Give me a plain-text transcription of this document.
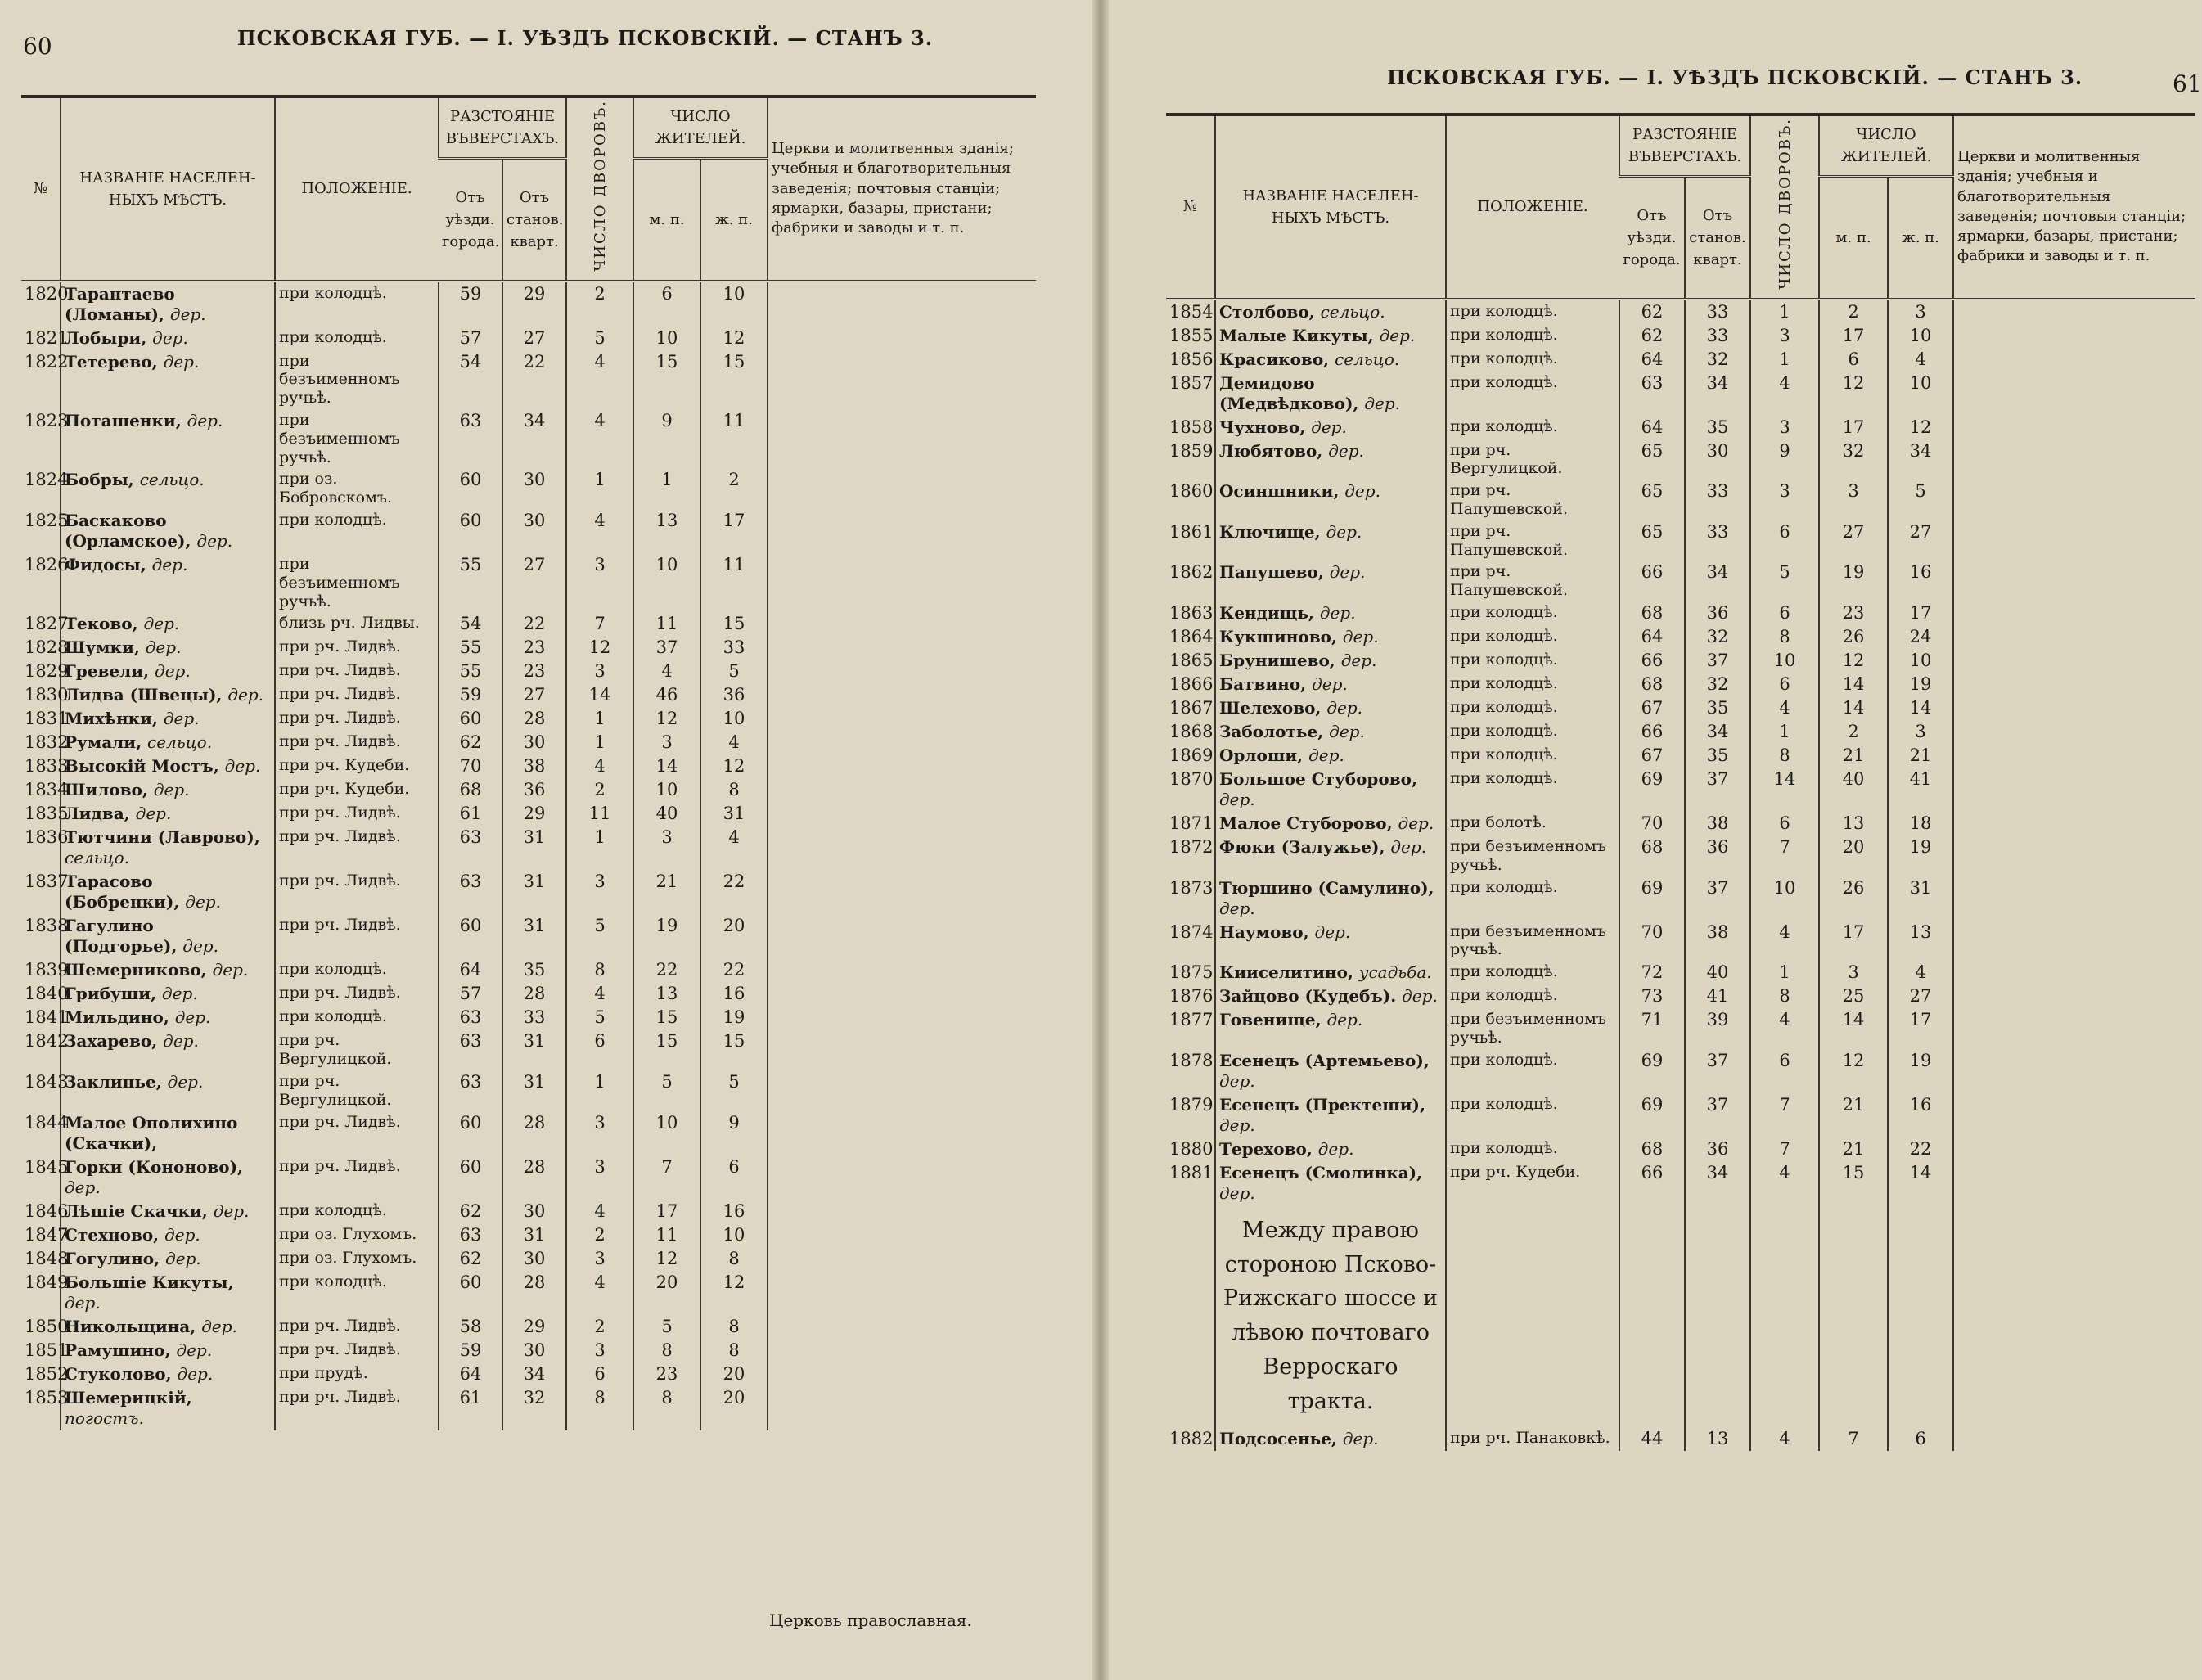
60	ПСКОВСКАЯ ГУБ. — І. УѢЗДЪ ПСКОВСКІЙ. — СТАНЪ 3.
№	НАЗВАНІЕ НАСЕЛЕН-НЫХЪ МѢСТЪ.	ПОЛОЖЕНІЕ.	РАЗСТОЯНІЕ ВЪВЕРСТАХЪ.		ЧИСЛО ДВОРОВЪ.	ЧИСЛО ЖИТЕЛЕЙ.		Церкви и молитвенныя зданія; учебныя и благотворительныя заведенія; почтовыя станціи; ярмарки, базары, пристани; фабрики и заводы и т. п.
			Отъ уѣзди. города.	Отъ станов. кварт.		м. п.	ж. п.	
1820	Тарантаево (Ломаны), дер.	при колодцѣ.	59	29	2	6	10	
1821	Лобыри, дер.	при колодцѣ.	57	27	5	10	12	
1822	Тетерево, дер.	при безъименномъ ручьѣ.	54	22	4	15	15	
1823	Поташенки, дер.	при безъименномъ ручьѣ.	63	34	4	9	11	
1824	Бобры, сельцо.	при оз. Бобровскомъ.	60	30	1	1	2	
1825	Баскаково (Орламское), дер.	при колодцѣ.	60	30	4	13	17	
1826	Фидосы, дер.	при безъименномъ ручьѣ.	55	27	3	10	11	
1827	Теково, дер.	близь рч. Лидвы.	54	22	7	11	15	
1828	Шумки, дер.	при рч. Лидвѣ.	55	23	12	37	33	
1829	Гревели, дер.	при рч. Лидвѣ.	55	23	3	4	5	
1830	Лидва (Швецы), дер.	при рч. Лидвѣ.	59	27	14	46	36	
1831	Михѣнки, дер.	при рч. Лидвѣ.	60	28	1	12	10	
1832	Румали, сельцо.	при рч. Лидвѣ.	62	30	1	3	4	
1833	Высокій Мостъ, дер.	при рч. Кудеби.	70	38	4	14	12	
1834	Шилово, дер.	при рч. Кудеби.	68	36	2	10	8	
1835	Лидва, дер.	при рч. Лидвѣ.	61	29	11	40	31	
1836	Тютчини (Лаврово), сельцо.	при рч. Лидвѣ.	63	31	1	3	4	
1837	Тарасово (Бобренки), дер.	при рч. Лидвѣ.	63	31	3	21	22	
1838	Гагулино (Подгорье), дер.	при рч. Лидвѣ.	60	31	5	19	20	
1839	Шемерниково, дер.	при колодцѣ.	64	35	8	22	22	
1840	Грибуши, дер.	при рч. Лидвѣ.	57	28	4	13	16	
1841	Мильдино, дер.	при колодцѣ.	63	33	5	15	19	
1842	Захарево, дер.	при рч. Вергулицкой.	63	31	6	15	15	
1843	Заклинье, дер.	при рч. Вергулицкой.	63	31	1	5	5	
1844	Малое Ополихино (Скачки),	при рч. Лидвѣ.	60	28	3	10	9	
1845	Горки (Кононово), дер.	при рч. Лидвѣ.	60	28	3	7	6	
1846	Лѣшіе Скачки, дер.	при колодцѣ.	62	30	4	17	16	
1847	Стехново, дер.	при оз. Глухомъ.	63	31	2	11	10	
1848	Гогулино, дер.	при оз. Глухомъ.	62	30	3	12	8	
1849	Большіе Кикуты, дер.	при колодцѣ.	60	28	4	20	12	
1850	Никольщина, дер.	при рч. Лидвѣ.	58	29	2	5	8	
1851	Рамушино, дер.	при рч. Лидвѣ.	59	30	3	8	8	
1852	Стуколово, дер.	при прудѣ.	64	34	6	23	20	
1853	Шемерицкій, погостъ.	при рч. Лидвѣ.	61	32	8	8	20	
Церковь православная.
ПСКОВСКАЯ ГУБ. — І. УѢЗДЪ ПСКОВСКІЙ. — СТАНЪ 3.	61
№	НАЗВАНІЕ НАСЕЛЕН-НЫХЪ МѢСТЪ.	ПОЛОЖЕНІЕ.	РАЗСТОЯНІЕ ВЪВЕРСТАХЪ.		ЧИСЛО ДВОРОВЪ.	ЧИСЛО ЖИТЕЛЕЙ.		Церкви и молитвенныя зданія; учебныя и благотворительныя заведенія; почтовыя станціи; ярмарки, базары, пристани; фабрики и заводы и т. п.
			Отъ уѣзди. города.	Отъ станов. кварт.		м. п.	ж. п.	
1854	Столбово, сельцо.	при колодцѣ.	62	33	1	2	3	
1855	Малые Кикуты, дер.	при колодцѣ.	62	33	3	17	10	
1856	Красиково, сельцо.	при колодцѣ.	64	32	1	6	4	
1857	Демидово (Медвѣдково), дер.	при колодцѣ.	63	34	4	12	10	
1858	Чухново, дер.	при колодцѣ.	64	35	3	17	12	
1859	Любятово, дер.	при рч. Вергулицкой.	65	30	9	32	34	
1860	Осиншники, дер.	при рч. Папушевской.	65	33	3	3	5	
1861	Ключище, дер.	при рч. Папушевской.	65	33	6	27	27	
1862	Папушево, дер.	при рч. Папушевской.	66	34	5	19	16	
1863	Кендищь, дер.	при колодцѣ.	68	36	6	23	17	
1864	Кукшиново, дер.	при колодцѣ.	64	32	8	26	24	
1865	Брунишево, дер.	при колодцѣ.	66	37	10	12	10	
1866	Батвино, дер.	при колодцѣ.	68	32	6	14	19	
1867	Шелехово, дер.	при колодцѣ.	67	35	4	14	14	
1868	Заболотье, дер.	при колодцѣ.	66	34	1	2	3	
1869	Орлоши, дер.	при колодцѣ.	67	35	8	21	21	
1870	Большое Стуборово, дер.	при колодцѣ.	69	37	14	40	41	
1871	Малое Стуборово, дер.	при болотѣ.	70	38	6	13	18	
1872	Фюки (Залужье), дер.	при безъименномъ ручьѣ.	68	36	7	20	19	
1873	Тюршино (Самулино), дер.	при колодцѣ.	69	37	10	26	31	
1874	Наумово, дер.	при безъименномъ ручьѣ.	70	38	4	17	13	
1875	Кииселитино, усадьба.	при колодцѣ.	72	40	1	3	4	
1876	Зайцово (Кудебъ). дер.	при колодцѣ.	73	41	8	25	27	
1877	Говенище, дер.	при безъименномъ ручьѣ.	71	39	4	14	17	
1878	Есенецъ (Артемьево), дер.	при колодцѣ.	69	37	6	12	19	
1879	Есенецъ (Пректеши), дер.	при колодцѣ.	69	37	7	21	16	
1880	Терехово, дер.	при колодцѣ.	68	36	7	21	22	
1881	Есенецъ (Смолинка), дер.	при рч. Кудеби.	66	34	4	15	14	
	Между правою стороною Псково-Рижскаго шоссе и лѣвою почтоваго Верроскаго тракта.							
1882	Подсосенье, дер.	при рч. Панаковкѣ.	44	13	4	7	6	
